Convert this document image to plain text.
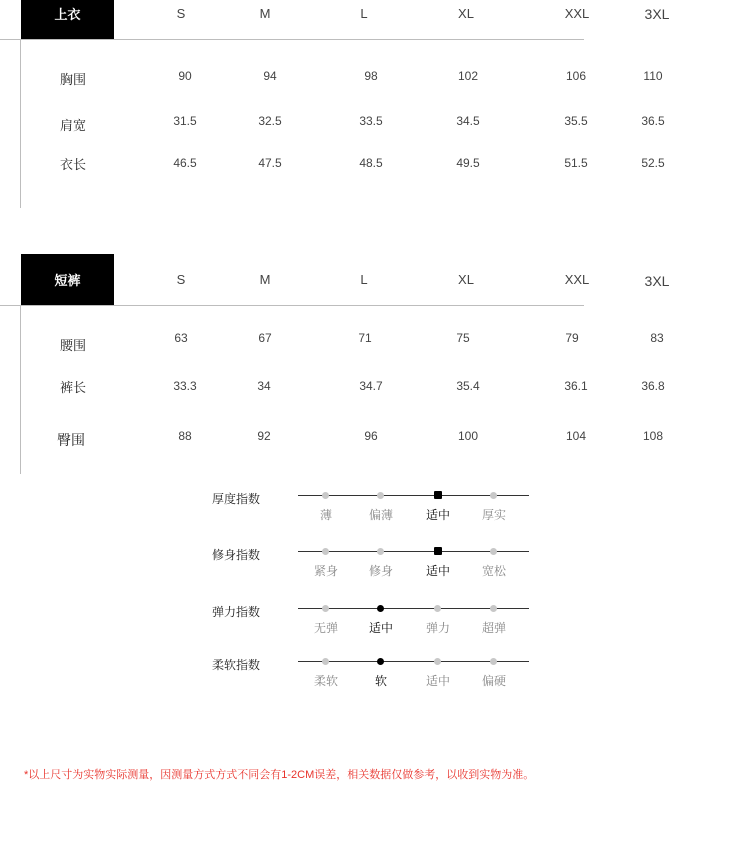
上衣	S	M	L	XL	XXL	3XL
胸围	90	94	98	102	106	110
肩宽	31.5	32.5	33.5	34.5	35.5	36.5
衣长	46.5	47.5	48.5	49.5	51.5	52.5
短裤	S	M	L	XL	XXL	3XL
腰围	63	67	71	75	79	83
裤长	33.3	34	34.7	35.4	36.1	36.8
臀围	88	92	96	100	104	108
厚度指数
薄	偏薄	适中	厚实
修身指数
紧身	修身	适中	宽松
弹力指数
无弹	适中	弹力	超弹
柔软指数
柔软	软	适中	偏硬
*以上尺寸为实物实际测量，因测量方式方式不同会有1-2CM误差，相关数据仅做参考，以收到实物为准。
